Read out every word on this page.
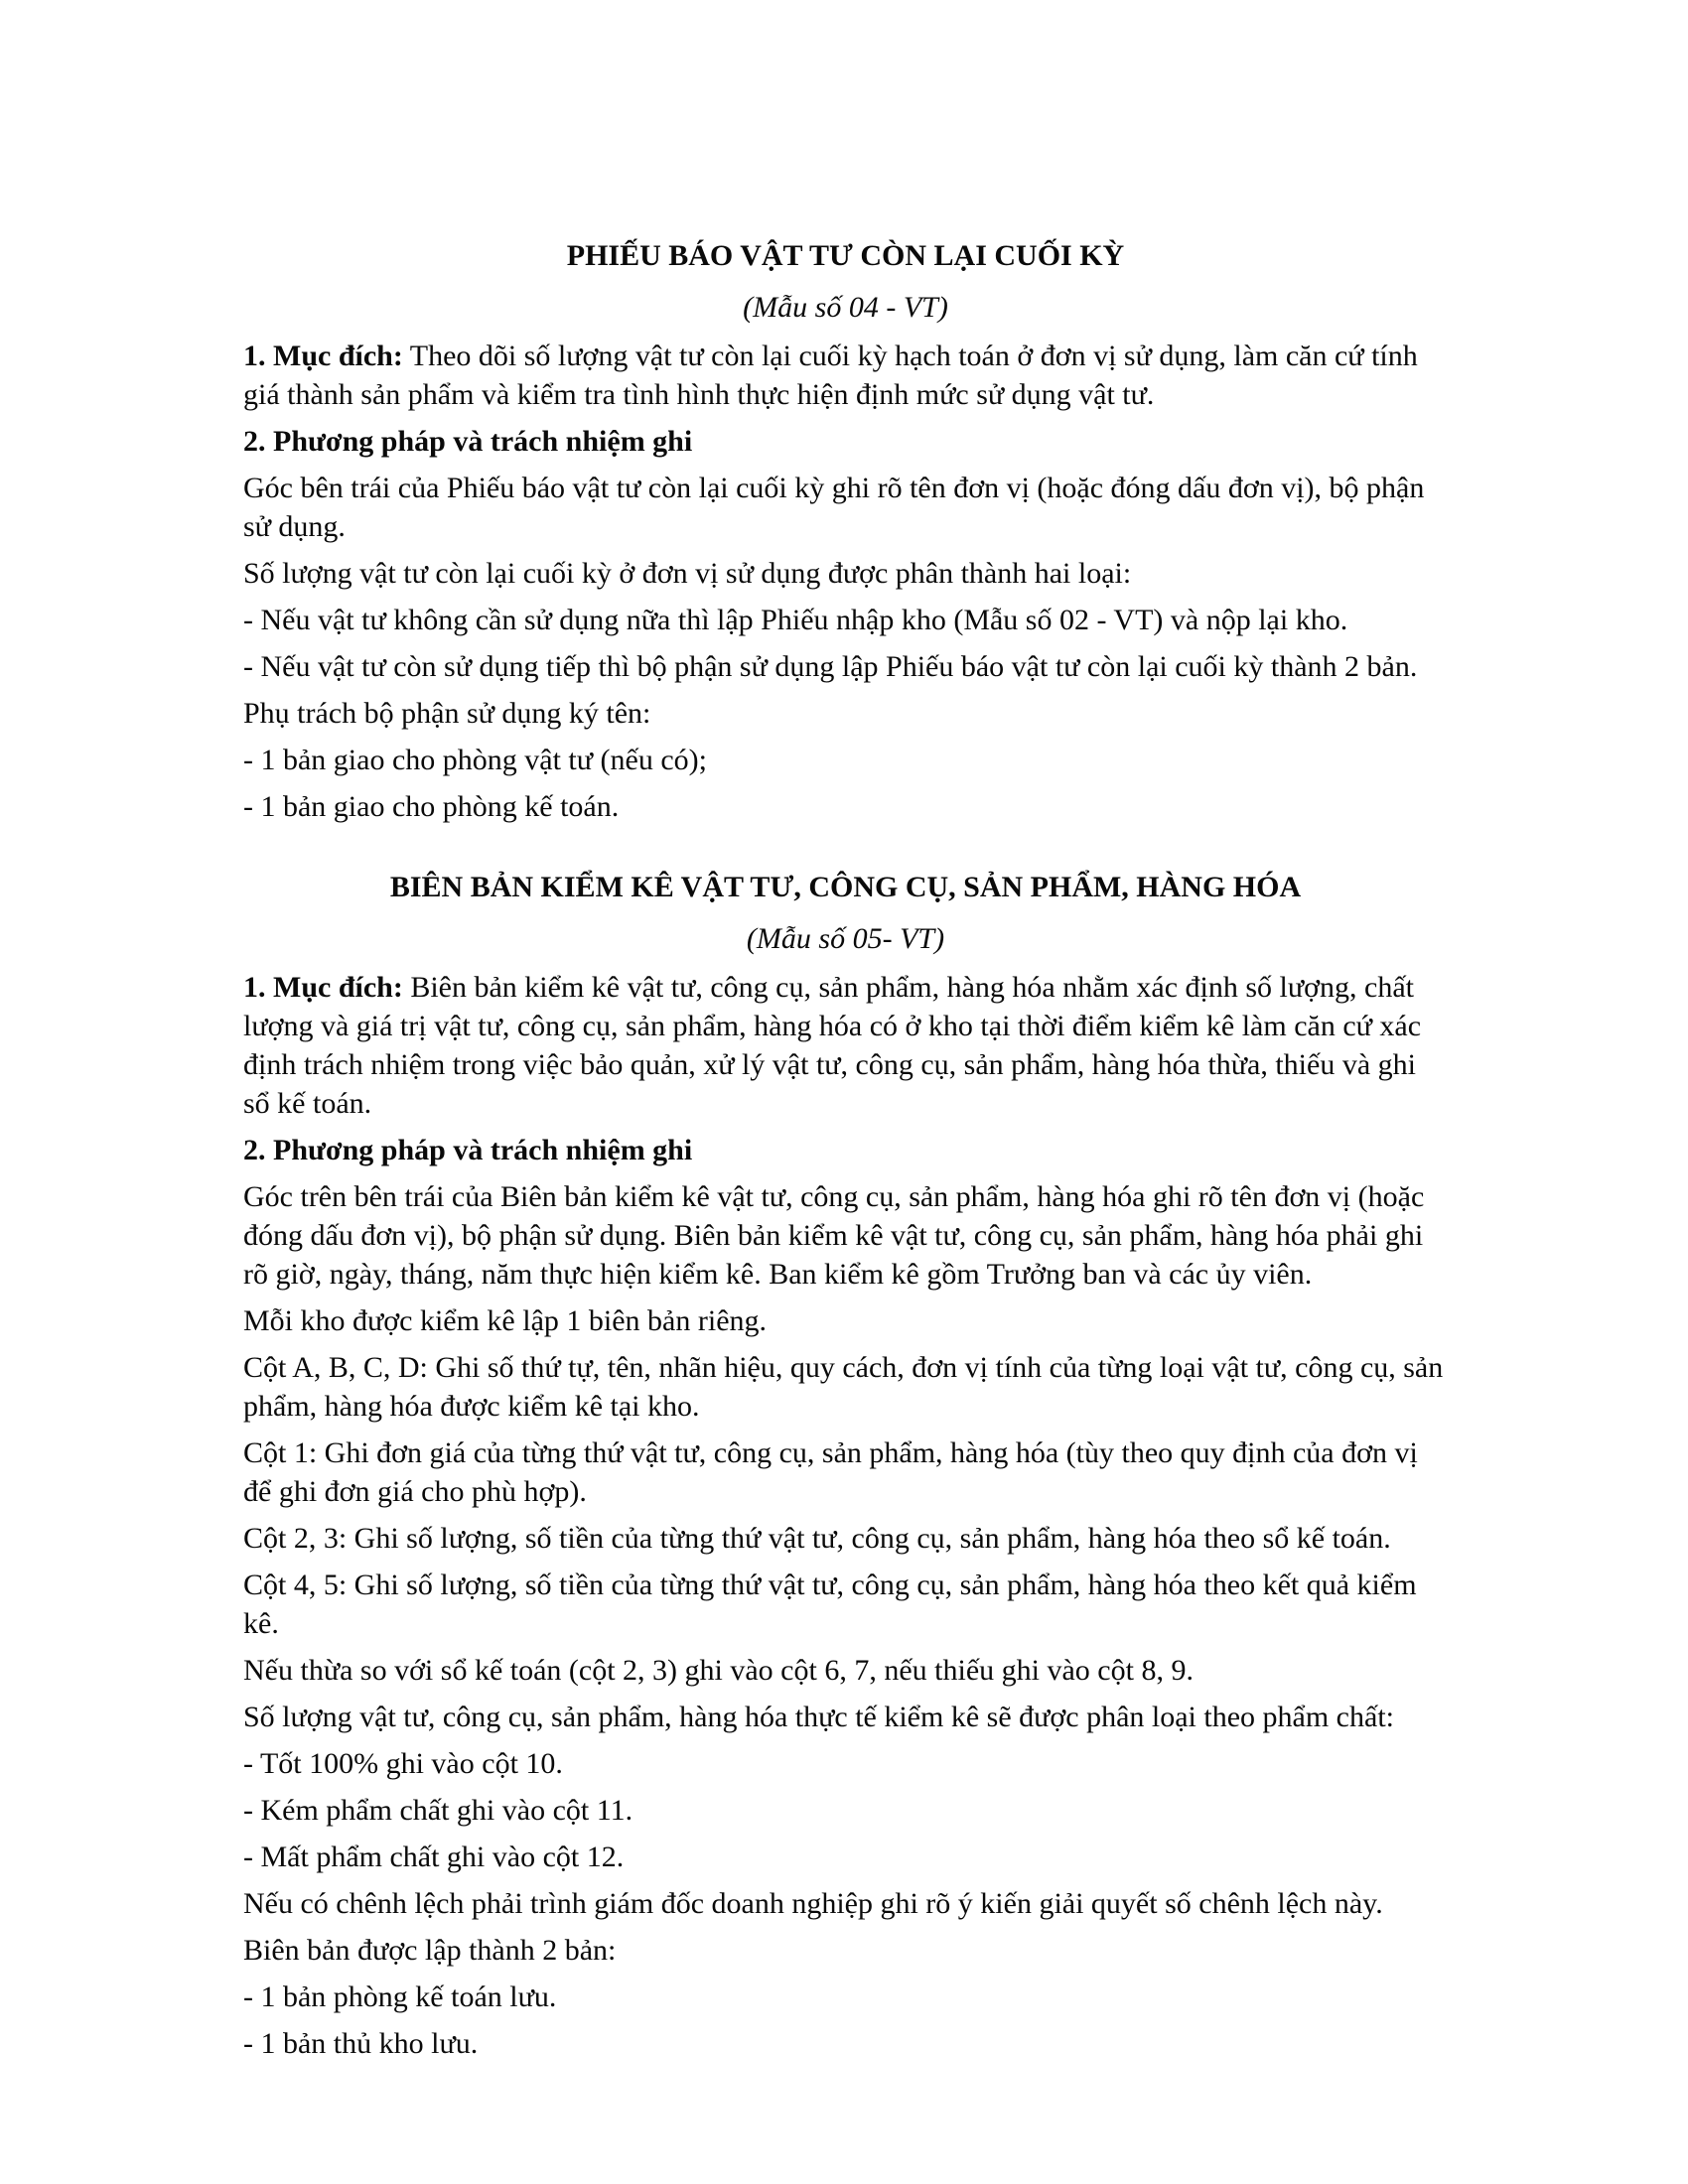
PHIẾU BÁO VẬT TƯ CÒN LẠI CUỐI KỲ
(Mẫu số 04 - VT)

1. Mục đích: Theo dõi số lượng vật tư còn lại cuối kỳ hạch toán ở đơn vị sử dụng, làm căn cứ tính giá thành sản phẩm và kiểm tra tình hình thực hiện định mức sử dụng vật tư.

2. Phương pháp và trách nhiệm ghi

Góc bên trái của Phiếu báo vật tư còn lại cuối kỳ ghi rõ tên đơn vị (hoặc đóng dấu đơn vị), bộ phận sử dụng.

Số lượng vật tư còn lại cuối kỳ ở đơn vị sử dụng được phân thành hai loại:

- Nếu vật tư không cần sử dụng nữa thì lập Phiếu nhập kho (Mẫu số 02 - VT) và nộp lại kho.

- Nếu vật tư còn sử dụng tiếp thì bộ phận sử dụng lập Phiếu báo vật tư còn lại cuối kỳ thành 2 bản.

Phụ trách bộ phận sử dụng ký tên:

- 1 bản giao cho phòng vật tư (nếu có);

- 1 bản giao cho phòng kế toán.

BIÊN BẢN KIỂM KÊ VẬT TƯ, CÔNG CỤ, SẢN PHẨM, HÀNG HÓA
(Mẫu số 05- VT)

1. Mục đích: Biên bản kiểm kê vật tư, công cụ, sản phẩm, hàng hóa nhằm xác định số lượng, chất lượng và giá trị vật tư, công cụ, sản phẩm, hàng hóa có ở kho tại thời điểm kiểm kê làm căn cứ xác định trách nhiệm trong việc bảo quản, xử lý vật tư, công cụ, sản phẩm, hàng hóa thừa, thiếu và ghi sổ kế toán.

2. Phương pháp và trách nhiệm ghi

Góc trên bên trái của Biên bản kiểm kê vật tư, công cụ, sản phẩm, hàng hóa ghi rõ tên đơn vị (hoặc đóng dấu đơn vị), bộ phận sử dụng. Biên bản kiểm kê vật tư, công cụ, sản phẩm, hàng hóa phải ghi rõ giờ, ngày, tháng, năm thực hiện kiểm kê. Ban kiểm kê gồm Trưởng ban và các ủy viên.

Mỗi kho được kiểm kê lập 1 biên bản riêng.

Cột A, B, C, D: Ghi số thứ tự, tên, nhãn hiệu, quy cách, đơn vị tính của từng loại vật tư, công cụ, sản phẩm, hàng hóa được kiểm kê tại kho.

Cột 1: Ghi đơn giá của từng thứ vật tư, công cụ, sản phẩm, hàng hóa (tùy theo quy định của đơn vị để ghi đơn giá cho phù hợp).

Cột 2, 3: Ghi số lượng, số tiền của từng thứ vật tư, công cụ, sản phẩm, hàng hóa theo sổ kế toán.

Cột 4, 5: Ghi số lượng, số tiền của từng thứ vật tư, công cụ, sản phẩm, hàng hóa theo kết quả kiểm kê.

Nếu thừa so với sổ kế toán (cột 2, 3) ghi vào cột 6, 7, nếu thiếu ghi vào cột 8, 9.

Số lượng vật tư, công cụ, sản phẩm, hàng hóa thực tế kiểm kê sẽ được phân loại theo phẩm chất:

- Tốt 100% ghi vào cột 10.

- Kém phẩm chất ghi vào cột 11.

- Mất phẩm chất ghi vào cột 12.

Nếu có chênh lệch phải trình giám đốc doanh nghiệp ghi rõ ý kiến giải quyết số chênh lệch này.

Biên bản được lập thành 2 bản:

- 1 bản phòng kế toán lưu.

- 1 bản thủ kho lưu.
